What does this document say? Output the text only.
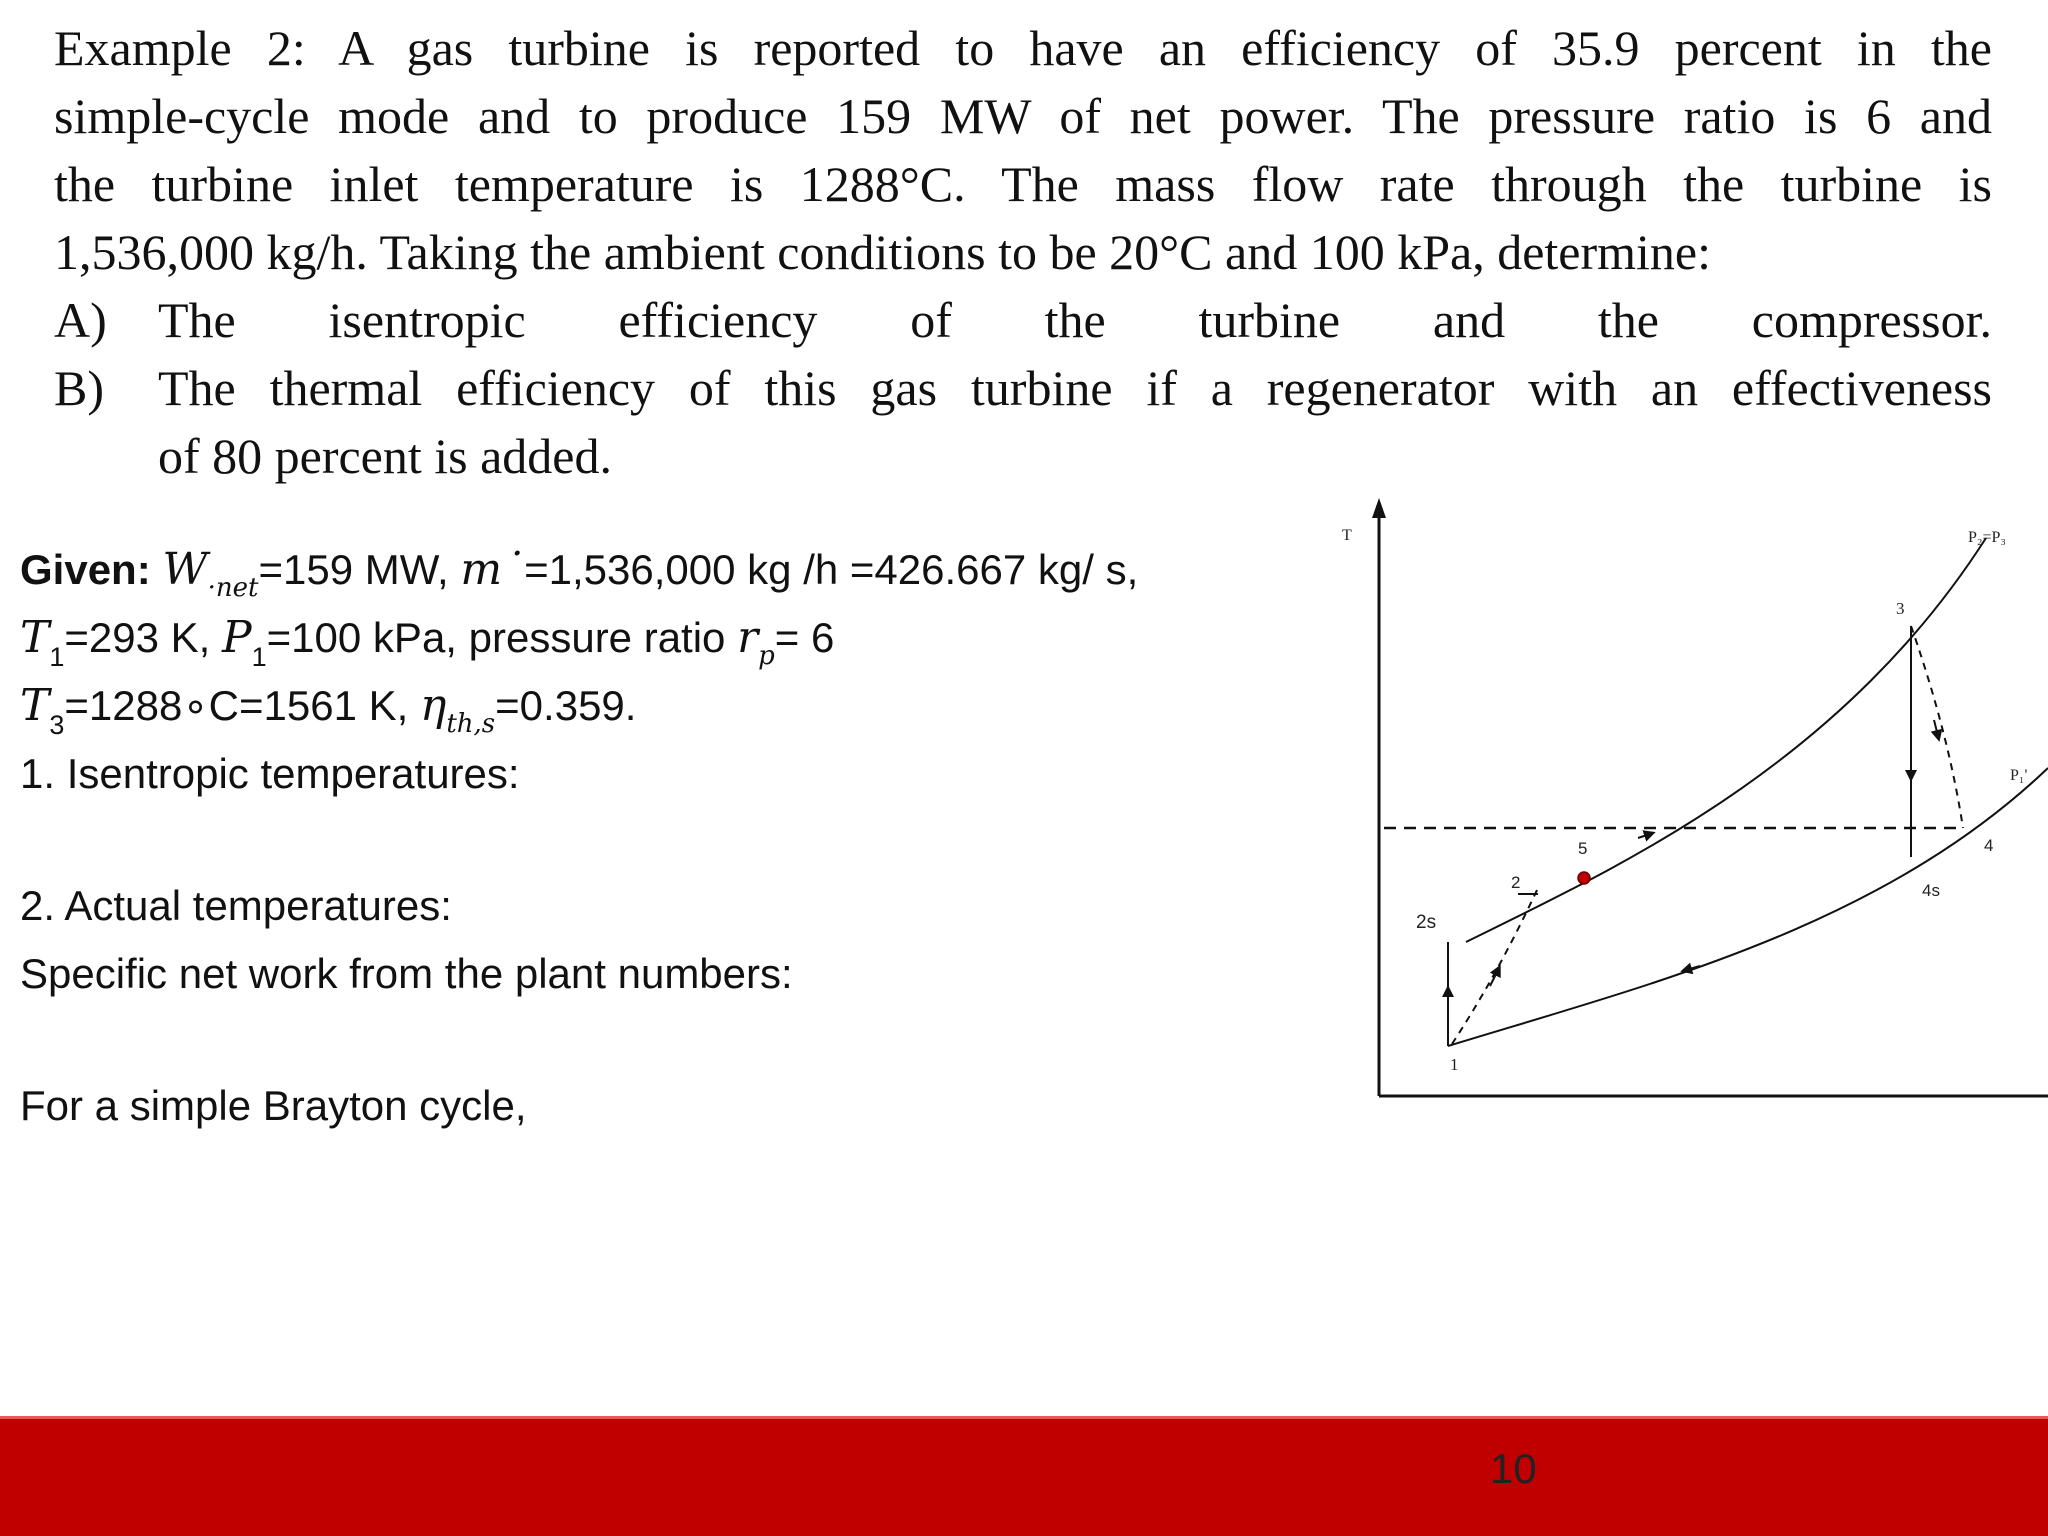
Example 2: A gas turbine is reported to have an efficiency of 35.9 percent in the

simple-cycle mode and to produce 159 MW of net power. The pressure ratio is 6 and

the turbine inlet temperature is 1288°C. The mass flow rate through the turbine is

1,536,000 kg/h. Taking the ambient conditions to be 20°C and 100 kPa, determine:

A)	The isentropic efficiency of the turbine and the compressor.
B)	The thermal efficiency of this gas turbine if a regenerator with an effectiveness
of 80 percent is added.
Given: $W_{\cdot net}=159$ MW, m˙=1,536,000 kg /h =426.667 kg/ s,
$T_1=293$ K, $P_1=100$ kPa, pressure ratio $r_p= 6$
$T_3=1288\circ C=1561$ K, $\eta_{th,s}=0.359$.
1. Isentropic temperatures:
2. Actual temperatures:
Specific net work from the plant numbers:
For a simple Brayton cycle,
T	P₂=P₃
P₁'
1
2
2s
3
4
4s
5
10
